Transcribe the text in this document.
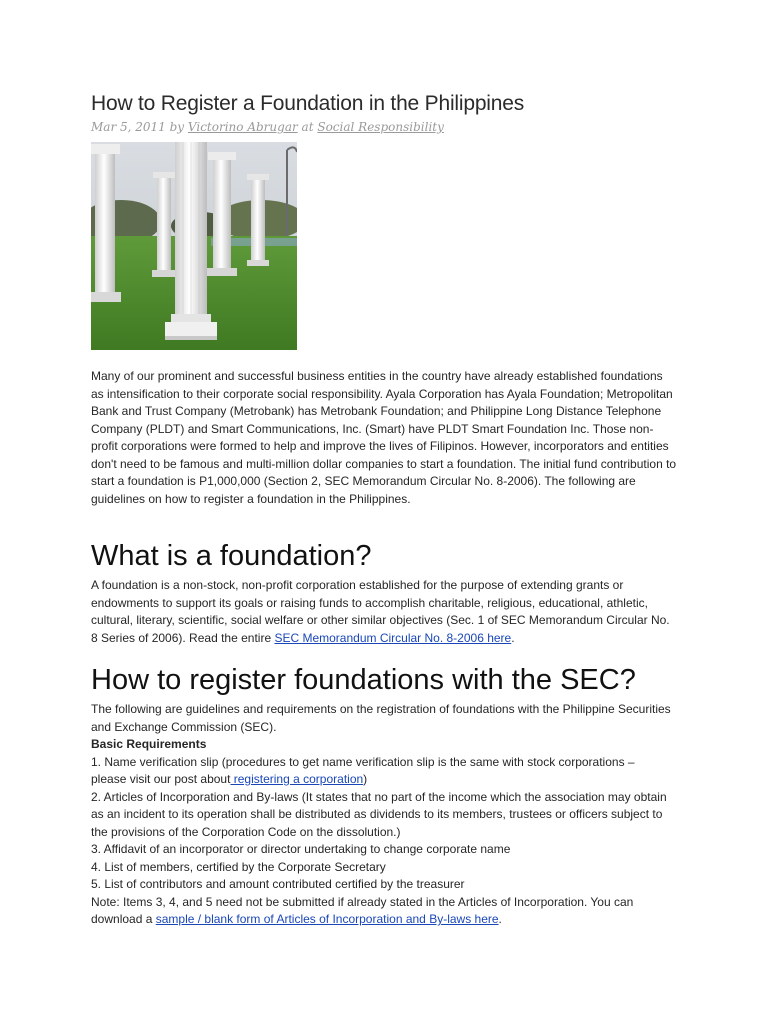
How to Register a Foundation in the Philippines
Mar 5, 2011 by Victorino Abrugar at Social Responsibility

Many of our prominent and successful business entities in the country have already established foundations as intensification to their corporate social responsibility. Ayala Corporation has Ayala Foundation; Metropolitan Bank and Trust Company (Metrobank) has Metrobank Foundation; and Philippine Long Distance Telephone Company (PLDT) and Smart Communications, Inc. (Smart) have PLDT Smart Foundation Inc. Those non-profit corporations were formed to help and improve the lives of Filipinos. However, incorporators and entities don't need to be famous and multi-million dollar companies to start a foundation. The initial fund contribution to start a foundation is P1,000,000 (Section 2, SEC Memorandum Circular No. 8-2006). The following are guidelines on how to register a foundation in the Philippines.

What is a foundation?

A foundation is a non-stock, non-profit corporation established for the purpose of extending grants or endowments to support its goals or raising funds to accomplish charitable, religious, educational, athletic, cultural, literary, scientific, social welfare or other similar objectives (Sec. 1 of SEC Memorandum Circular No. 8 Series of 2006). Read the entire SEC Memorandum Circular No. 8-2006 here.

How to register foundations with the SEC?

The following are guidelines and requirements on the registration of foundations with the Philippine Securities and Exchange Commission (SEC).

Basic Requirements
1. Name verification slip (procedures to get name verification slip is the same with stock corporations – please visit our post about registering a corporation)
2. Articles of Incorporation and By-laws (It states that no part of the income which the association may obtain as an incident to its operation shall be distributed as dividends to its members, trustees or officers subject to the provisions of the Corporation Code on the dissolution.)
3. Affidavit of an incorporator or director undertaking to change corporate name
4. List of members, certified by the Corporate Secretary
5. List of contributors and amount contributed certified by the treasurer
Note: Items 3, 4, and 5 need not be submitted if already stated in the Articles of Incorporation. You can download a sample / blank form of Articles of Incorporation and By-laws here.
